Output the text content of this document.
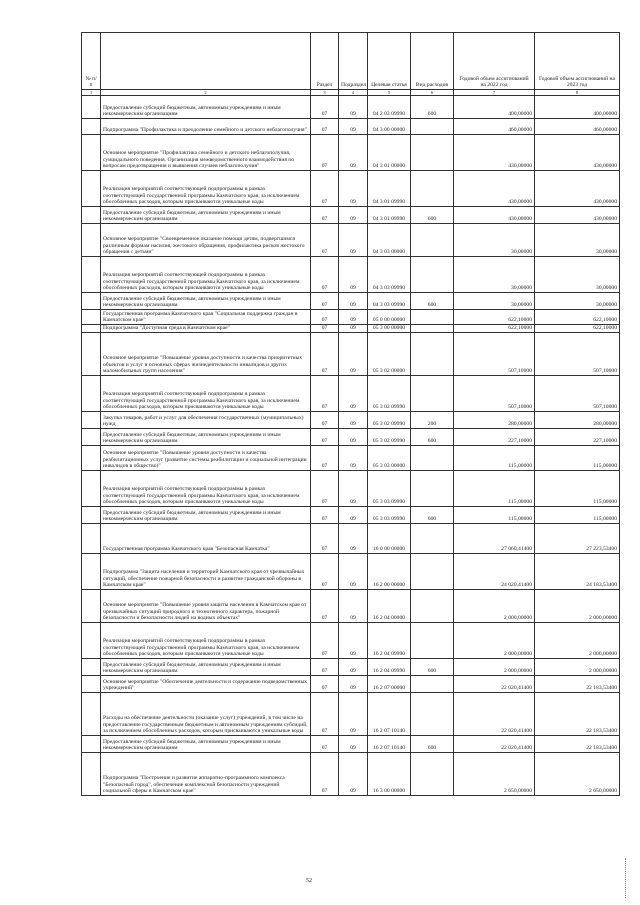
№ п/п		Раздел	Подраздел	Целевая статья	Вид расходов	Годовой объем ассигнований на 2022 год	Годовой объем ассигнований на 2023 год
1	2	3	4	5	6	7	8
	Предоставление субсидий бюджетным, автономным учреждениям и иным некоммерческим организациям	07	09	04 2 03 09990	600	400,00000	400,00000
	Подпрограмма "Профилактика и преодоление семейного и детского неблагополучия"	07	09	04 3 00 00000		460,00000	460,00000
	Основное мероприятие "Профилактика семейного и детского неблагополучия, суицидального поведения. Организация межведомственного взаимодействия по вопросам предотвращения и выявления случаев неблагополучия"	07	09	04 3 01 00000		430,00000	430,00000
	Реализация мероприятий соответствующей подпрограммы в рамках соответствующей государственной программы Камчатского края, за исключением обособленных расходов, которым присваиваются уникальные коды	07	09	04 3 01 09990		430,00000	430,00000
	Предоставление субсидий бюджетным, автономным учреждениям и иным некоммерческим организациям	07	09	04 3 01 09990	600	430,00000	430,00000
	Основное мероприятие "Своевременное оказание помощи детям, подвергшимся различным формам насилия, жестокого обращения, профилактика рисков жестокого обращения с детьми"	07	09	04 3 03 00000		30,00000	30,00000
	Реализация мероприятий соответствующей подпрограммы в рамках соответствующей государственной программы Камчатского края, за исключением обособленных расходов, которым присваиваются уникальные коды	07	09	04 3 03 09990		30,00000	30,00000
	Предоставление субсидий бюджетным, автономным учреждениям и иным некоммерческим организациям	07	09	04 3 03 09990	600	30,00000	30,00000
	Государственная программа Камчатского края "Социальная поддержка граждан в Камчатском крае"	07	09	05 0 00 00000		622,10000	622,10000
	Подпрограмма "Доступная среда в Камчатском крае"	07	09	05 3 00 00000		622,10000	622,10000
	Основное мероприятие "Повышение уровня доступности и качества приоритетных объектов и услуг в основных сферах жизнедеятельности инвалидов и других маломобильных групп населения"	07	09	05 3 02 00000		507,10000	507,10000
	Реализация мероприятий соответствующей подпрограммы в рамках соответствующей государственной программы Камчатского края, за исключением обособленных расходов, которым присваиваются уникальные коды	07	09	05 3 02 09990		507,10000	507,10000
	Закупка товаров, работ и услуг для обеспечения государственных (муниципальных) нужд	07	09	05 3 02 09990	200	280,00000	280,00000
	Предоставление субсидий бюджетным, автономным учреждениям и иным некоммерческим организациям	07	09	05 3 02 09990	600	227,10000	227,10000
	Основное мероприятие "Повышение уровня доступности и качества реабилитационных услуг (развитие системы реабилитации и социальной интеграции инвалидов в общество)"	07	09	05 3 03 00000		115,00000	115,00000
	Реализация мероприятий соответствующей подпрограммы в рамках соответствующей государственной программы Камчатского края, за исключением обособленных расходов, которым присваиваются уникальные коды	07	09	05 3 03 09990		115,00000	115,00000
	Предоставление субсидий бюджетным, автономным учреждениям и иным некоммерческим организациям	07	09	05 3 03 09990	600	115,00000	115,00000
	Государственная программа Камчатского края "Безопасная Камчатка"	07	09	16 0 00 00000		27 060,41400	27 223,53400
	Подпрограмма "Защита населения и территорий Камчатского края от чрезвычайных ситуаций, обеспечение пожарной безопасности и развитие гражданской обороны в Камчатском крае"	07	09	16 2 00 00000		24 020,41400	24 183,53400
	Основное мероприятие "Повышение уровня защиты населения в Камчатском крае от чрезвычайных ситуаций природного и техногенного характера, пожарной безопасности и безопасности людей на водных объектах"	07	09	16 2 04 00000		2 000,00000	2 000,00000
	Реализация мероприятий соответствующей подпрограммы в рамках соответствующей государственной программы Камчатского края, за исключением обособленных расходов, которым присваиваются уникальные коды	07	09	16 2 04 09990		2 000,00000	2 000,00000
	Предоставление субсидий бюджетным, автономным учреждениям и иным некоммерческим организациям	07	09	16 2 04 09990	600	2 000,00000	2 000,00000
	Основное мероприятие "Обеспечение деятельности и содержание подведомственных учреждений"	07	09	16 2 07 00000		22 020,41400	22 183,53400
	Расходы на обеспечение деятельности (оказание услуг) учреждений, в том числе на предоставление государственным бюджетным и автономным учреждениям субсидий, за исключением обособленных расходов, которым присваиваются уникальные коды	07	09	16 2 07 10140		22 020,41400	22 183,53400
	Предоставление субсидий бюджетным, автономным учреждениям и иным некоммерческим организациям	07	09	16 2 07 10140	600	22 020,41400	22 183,53400
	Подпрограмма "Построение и развитие аппаратно-программного комплекса "Безопасный город", обеспечение комплексной безопасности учреждений социальной сферы в Камчатском крае"	07	09	16 3 00 00000		2 650,00000	2 650,00000
52
